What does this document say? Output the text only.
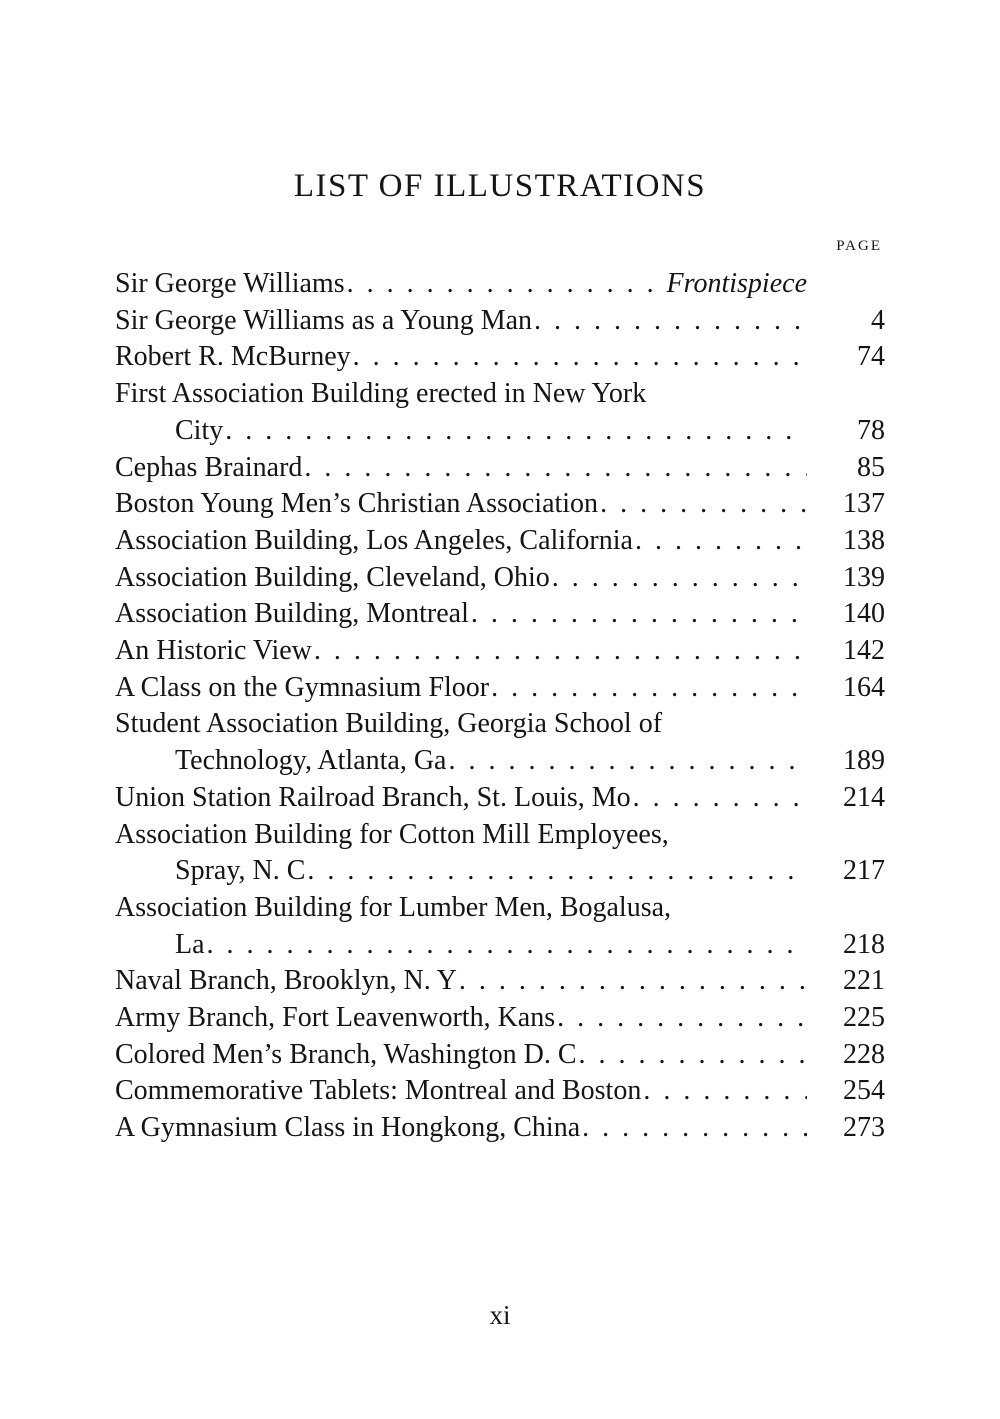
LIST OF ILLUSTRATIONS
PAGE
Sir George Williams . . .	Frontispiece
Sir George Williams as a Young Man . . .	4
Robert R. McBurney . . .	74
First Association Building erected in New York
City . . .	78
Cephas Brainard . . .	85
Boston Young Men’s Christian Association . . .	137
Association Building, Los Angeles, California . . .	138
Association Building, Cleveland, Ohio . . .	139
Association Building, Montreal . . .	140
An Historic View . . .	142
A Class on the Gymnasium Floor . . .	164
Student Association Building, Georgia School of
Technology, Atlanta, Ga . . .	189
Union Station Railroad Branch, St. Louis, Mo . . .	214
Association Building for Cotton Mill Employees,
Spray, N. C . . .	217
Association Building for Lumber Men, Bogalusa,
La . . .	218
Naval Branch, Brooklyn, N. Y . . .	221
Army Branch, Fort Leavenworth, Kans . . .	225
Colored Men’s Branch, Washington D. C . . .	228
Commemorative Tablets: Montreal and Boston . . .	254
A Gymnasium Class in Hongkong, China . . .	273
xi
